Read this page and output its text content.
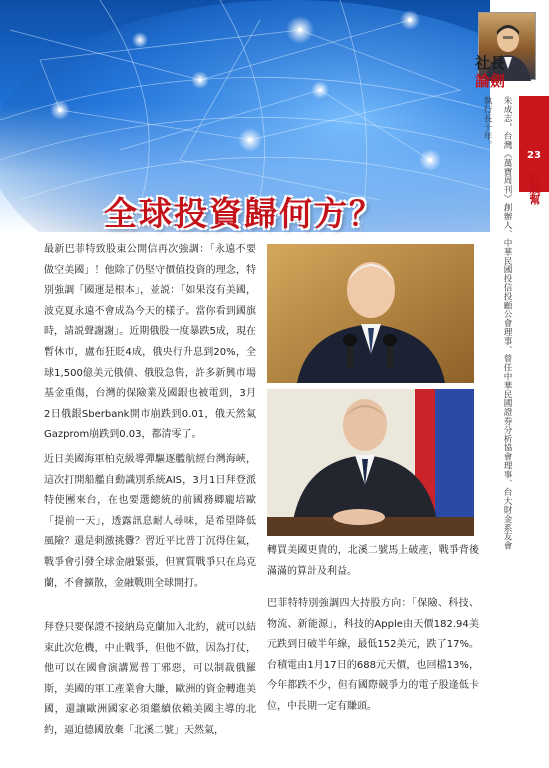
全球投資歸何方？
社長
論劍
23
妙殷幫
朱成志，台灣《萬寶周刊》創辦人、中華民國投信投顧公會理事、曾任中華民國證券分析協會理事、台大財金系友會執行長十年。

最新巴菲特致股東公開信再次強調：「永遠不要做空美國」！他除了仍堅守價值投資的理念，特別強調「國運是根本」，並説：「如果沒有美國，波克夏永遠不會成為今天的樣子。當你看到國旗時，請説聲謝謝」。近期俄股一度暴跌5成，現在暫休市，盧布狂貶4成，俄央行升息到20%，全球1,500億美元俄債、俄股急售，許多新興市場基金重傷，台灣的保險業及國銀也被電到，3月2日俄銀Sberbank開市崩跌到0.01，俄天然氣Gazprom崩跌到0.03，都清零了。

近日美國海軍柏克級導彈驅逐艦航經台灣海峽，這次打開船艦自動識別系統AIS，3月1日拜登派特使團來台，在也要選總統的前國務卿龐培歐「提前一天」，透露訊息耐人尋味，是希望降低風險？還是刺激挑釁？習近平比普丁沉得住氣，戰爭會引發全球金融緊張，但實質戰爭只在烏克蘭，不會擴散，金融戰則全球開打。

拜登只要保證不接納烏克蘭加入北約，就可以結束此次危機，中止戰爭，但他不做，因為打仗，他可以在國會演講罵普丁邪惡，可以制裁俄羅斯，美國的軍工產業會大賺，歐洲的資金轉進美國，還讓歐洲國家必須繼續依賴美國主導的北約，逼迫德國放棄「北溪二號」天然氣，

轉買美國更貴的，北溪二號馬上破產，戰爭背後滿滿的算計及利益。

巴菲特特別強調四大持股方向：「保險、科技、物流、新能源」，科技的Apple由天價182.94美元跌到日破半年線，最低152美元，跌了17%。台積電由1月17日的688元天價，也回檔13%，今年都跌不少，但有國際競爭力的電子股逢低卡位，中長期一定有賺頭。
